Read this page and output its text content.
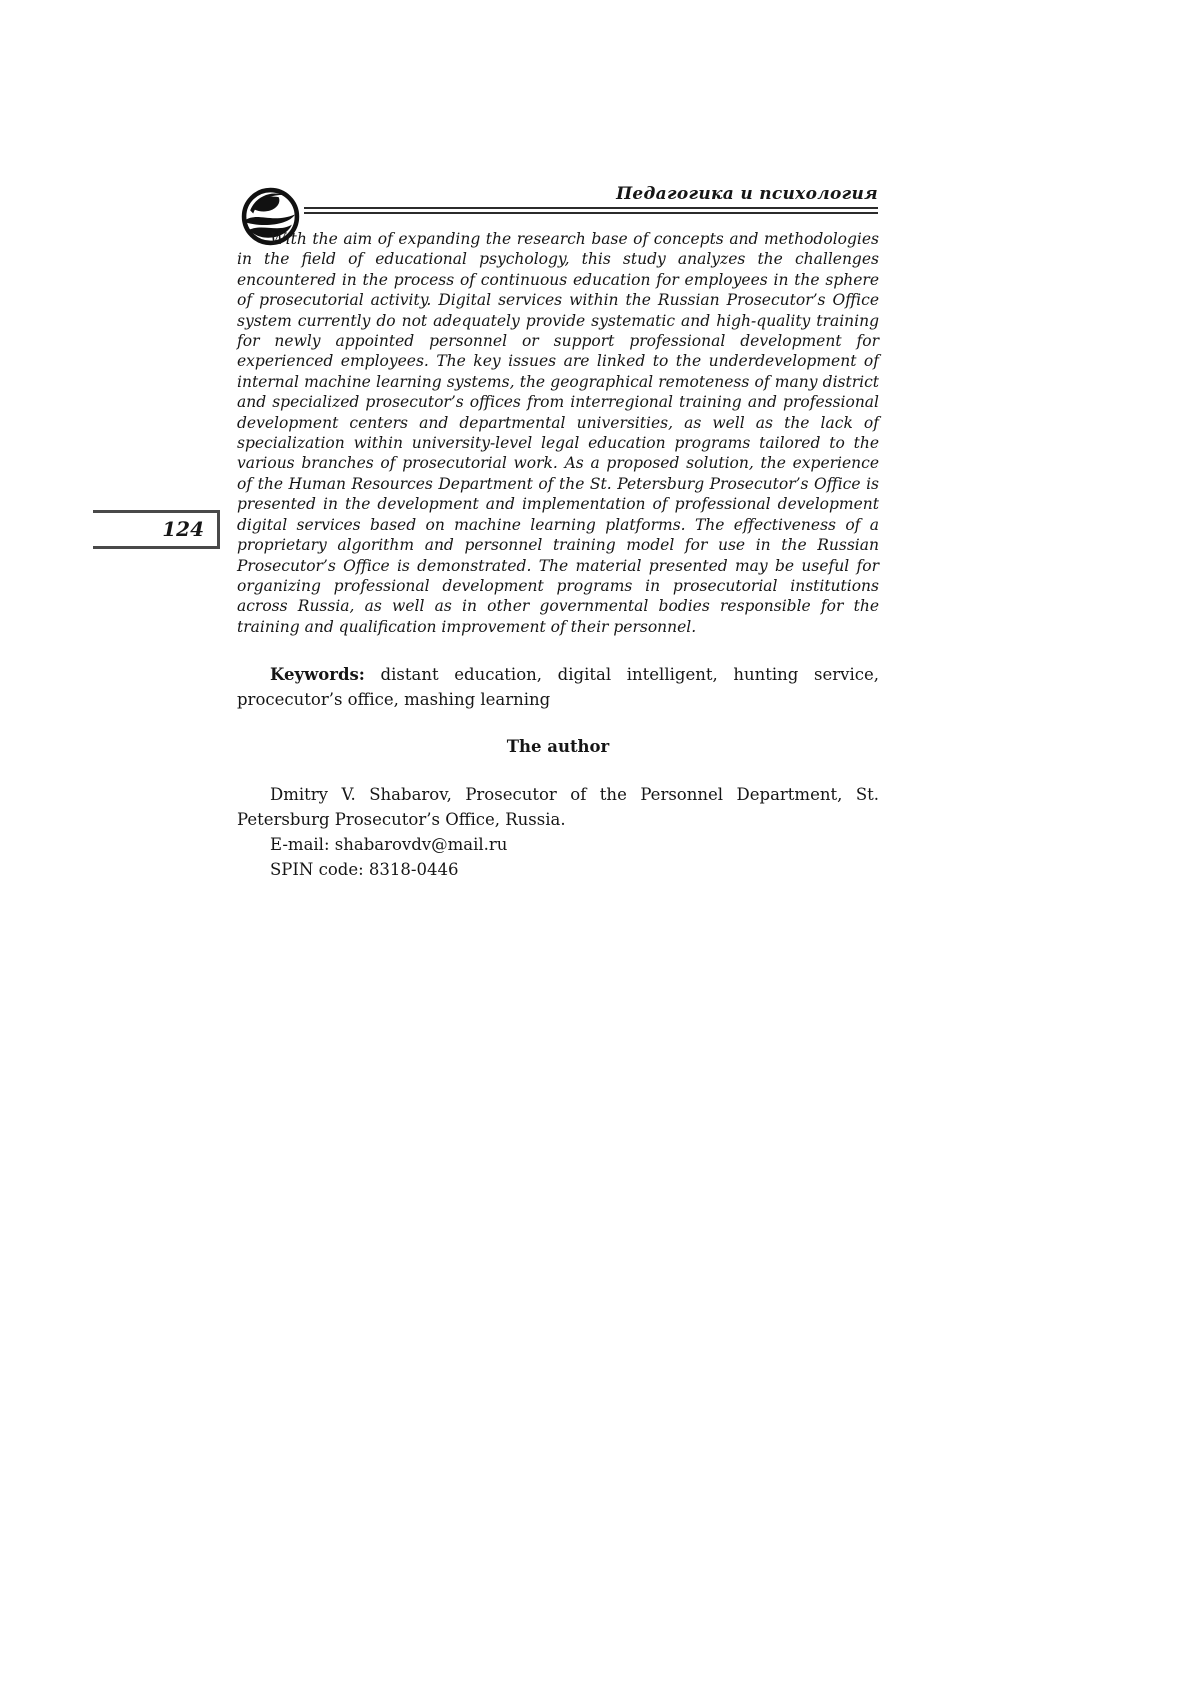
Педагогика и психология
124

With the aim of expanding the research base of concepts and methodologies in the field of educational psychology, this study analyzes the challenges encountered in the process of continuous education for employees in the sphere of prosecutorial activity. Digital services within the Russian Prosecutor’s Office system currently do not adequately provide systematic and high-quality training for newly appointed personnel or support professional development for experienced employees. The key issues are linked to the underdevelopment of internal machine learning systems, the geographical remoteness of many district and specialized prosecutor’s offices from interregional training and professional development centers and departmental universities, as well as the lack of specialization within university-level legal education programs tailored to the various branches of prosecutorial work. As a proposed solution, the experience of the Human Resources Department of the St. Petersburg Prosecutor’s Office is presented in the development and implementation of professional development digital services based on machine learning platforms. The effectiveness of a proprietary algorithm and personnel training model for use in the Russian Prosecutor’s Office is demonstrated. The material presented may be useful for organizing professional development programs in prosecutorial institutions across Russia, as well as in other governmental bodies responsible for the training and qualification improvement of their personnel.

Keywords: distant education, digital intelligent, hunting service, procecutor’s office, mashing learning

The author

Dmitry V. Shabarov, Prosecutor of the Personnel Department, St. Petersburg Prosecutor’s Office, Russia.

E-mail: shabarovdv@mail.ru
SPIN code: 8318-0446
